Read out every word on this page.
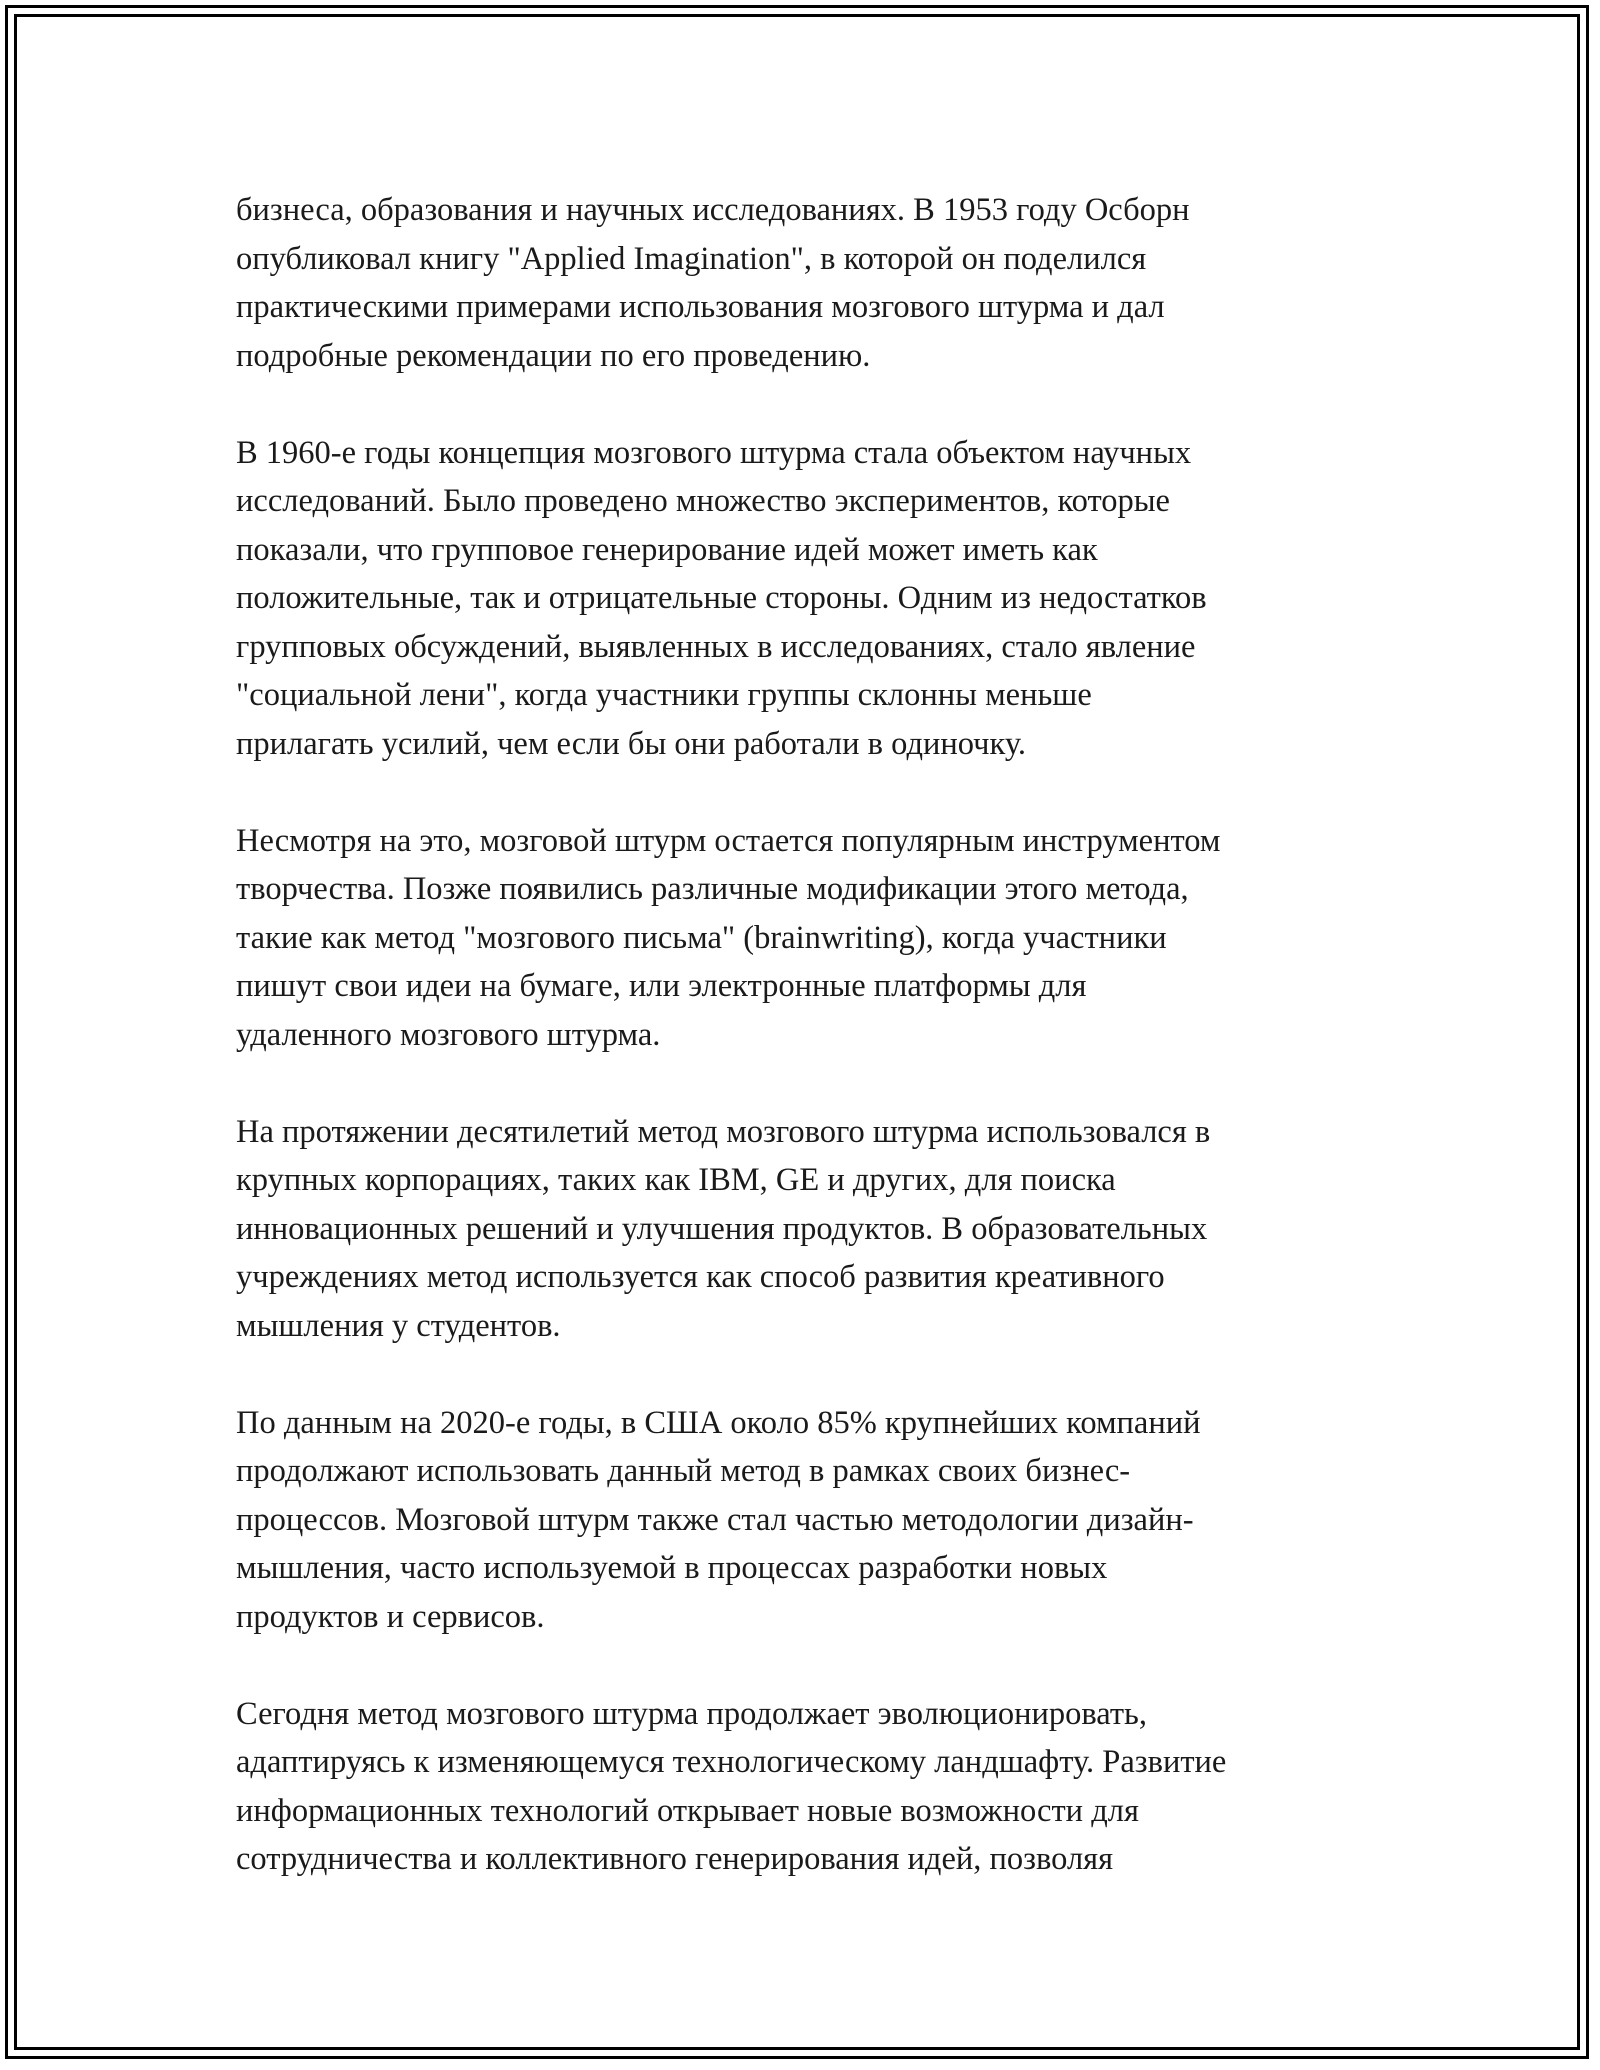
бизнеса, образования и научных исследованиях. В 1953 году Осборн
опубликовал книгу "Applied Imagination", в которой он поделился
практическими примерами использования мозгового штурма и дал
подробные рекомендации по его проведению.

В 1960-е годы концепция мозгового штурма стала объектом научных
исследований. Было проведено множество экспериментов, которые
показали, что групповое генерирование идей может иметь как
положительные, так и отрицательные стороны. Одним из недостатков
групповых обсуждений, выявленных в исследованиях, стало явление
"социальной лени", когда участники группы склонны меньше
прилагать усилий, чем если бы они работали в одиночку.

Несмотря на это, мозговой штурм остается популярным инструментом
творчества. Позже появились различные модификации этого метода,
такие как метод "мозгового письма" (brainwriting), когда участники
пишут свои идеи на бумаге, или электронные платформы для
удаленного мозгового штурма.

На протяжении десятилетий метод мозгового штурма использовался в
крупных корпорациях, таких как IBM, GE и других, для поиска
инновационных решений и улучшения продуктов. В образовательных
учреждениях метод используется как способ развития креативного
мышления у студентов.

По данным на 2020-е годы, в США около 85% крупнейших компаний
продолжают использовать данный метод в рамках своих бизнес-
процессов. Мозговой штурм также стал частью методологии дизайн-
мышления, часто используемой в процессах разработки новых
продуктов и сервисов.

Сегодня метод мозгового штурма продолжает эволюционировать,
адаптируясь к изменяющемуся технологическому ландшафту. Развитие
информационных технологий открывает новые возможности для
сотрудничества и коллективного генерирования идей, позволяя
